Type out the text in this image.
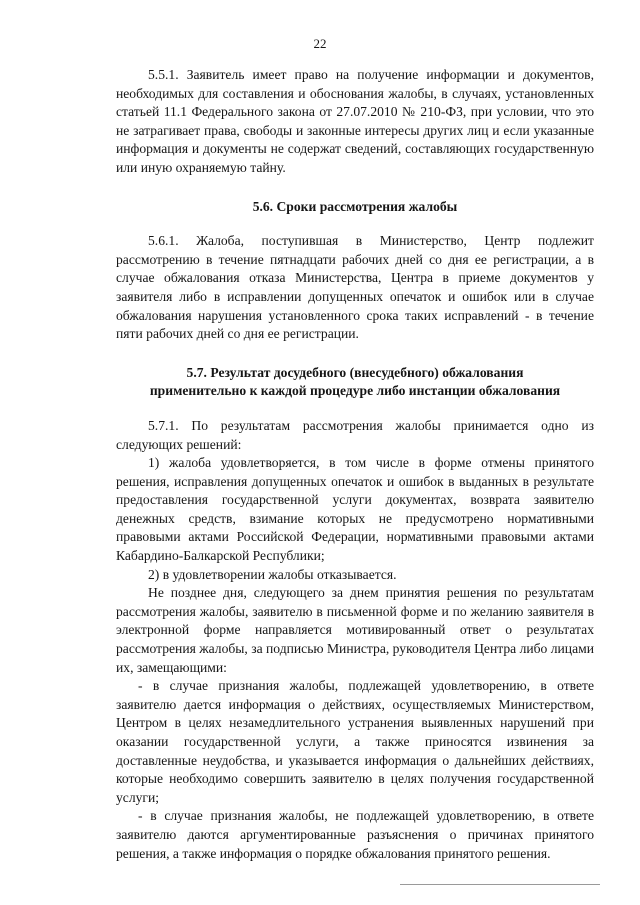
22

5.5.1. Заявитель имеет право на получение информации и документов, необходимых для составления и обоснования жалобы, в случаях, установленных статьей 11.1 Федерального закона от 27.07.2010 № 210-ФЗ, при условии, что это не затрагивает права, свободы и законные интересы других лиц и если указанные информация и документы не содержат сведений, составляющих государственную или иную охраняемую тайну.

5.6. Сроки рассмотрения жалобы

5.6.1. Жалоба, поступившая в Министерство, Центр подлежит рассмотрению в течение пятнадцати рабочих дней со дня ее регистрации, а в случае обжалования отказа Министерства, Центра в приеме документов у заявителя либо в исправлении допущенных опечаток и ошибок или в случае обжалования нарушения установленного срока таких исправлений - в течение пяти рабочих дней со дня ее регистрации.

5.7. Результат досудебного (внесудебного) обжалования
применительно к каждой процедуре либо инстанции обжалования

5.7.1. По результатам рассмотрения жалобы принимается одно из следующих решений:

1) жалоба удовлетворяется, в том числе в форме отмены принятого решения, исправления допущенных опечаток и ошибок в выданных в результате предоставления государственной услуги документах, возврата заявителю денежных средств, взимание которых не предусмотрено нормативными правовыми актами Российской Федерации, нормативными правовыми актами Кабардино-Балкарской Республики;

2) в удовлетворении жалобы отказывается.

Не позднее дня, следующего за днем принятия решения по результатам рассмотрения жалобы, заявителю в письменной форме и по желанию заявителя в электронной форме направляется мотивированный ответ о результатах рассмотрения жалобы, за подписью Министра, руководителя Центра либо лицами их, замещающими:

- в случае признания жалобы, подлежащей удовлетворению, в ответе заявителю дается информация о действиях, осуществляемых Министерством, Центром в целях незамедлительного устранения выявленных нарушений при оказании государственной услуги, а также приносятся извинения за доставленные неудобства, и указывается информация о дальнейших действиях, которые необходимо совершить заявителю в целях получения государственной услуги;

- в случае признания жалобы, не подлежащей удовлетворению, в ответе заявителю даются аргументированные разъяснения о причинах принятого решения, а также информация о порядке обжалования принятого решения.
